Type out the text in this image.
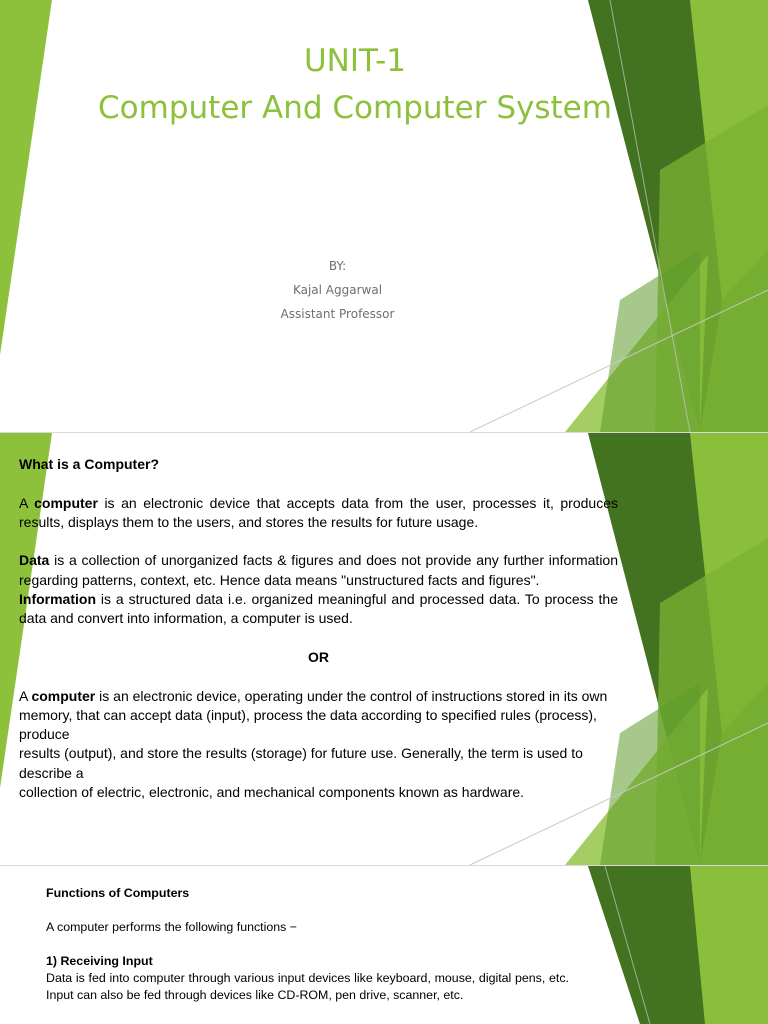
UNIT-1
Computer And Computer System
BY:
Kajal Aggarwal
Assistant Professor

What is a Computer?

A computer is an electronic device that accepts data from the user, processes it, produces results, displays them to the users, and stores the results for future usage.

Data is a collection of unorganized facts & figures and does not provide any further information regarding patterns, context, etc. Hence data means "unstructured facts and figures".

Information is a structured data i.e. organized meaningful and processed data. To process the data and convert into information, a computer is used.

OR

A computer is an electronic device, operating under the control of instructions stored in its own
memory, that can accept data (input), process the data according to specified rules (process), produce
results (output), and store the results (storage) for future use. Generally, the term is used to describe a
collection of electric, electronic, and mechanical components known as hardware.

Functions of Computers

A computer performs the following functions −

1) Receiving Input

Data is fed into computer through various input devices like keyboard, mouse, digital pens, etc. Input can also be fed through devices like CD-ROM, pen drive, scanner, etc.
